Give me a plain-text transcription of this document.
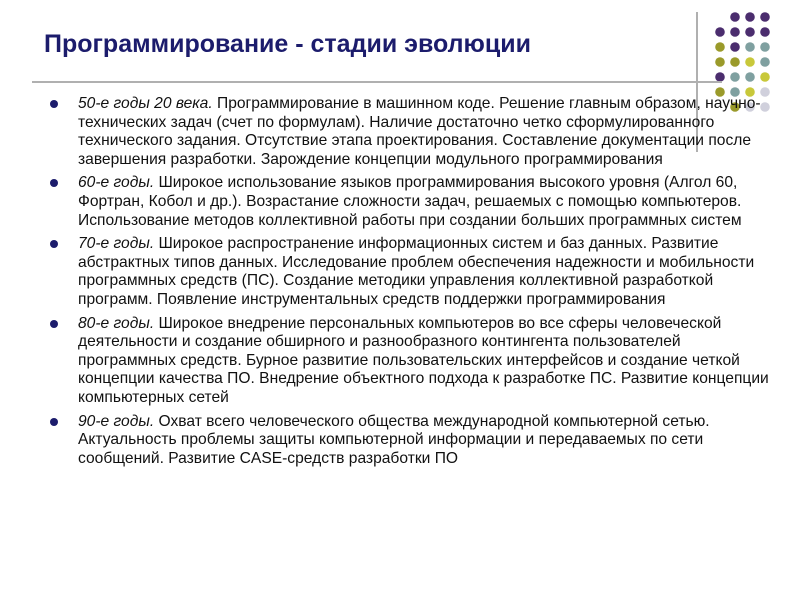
Программирование - стадии эволюции
50-е годы 20 века. Программирование в машинном коде. Решение главным образом, научно-технических задач (счет по формулам). Наличие достаточно четко сформулированного технического задания. Отсутствие этапа проектирования. Составление документации после завершения разработки. Зарождение концепции модульного программирования
60-е годы. Широкое использование языков программирования высокого уровня (Алгол 60, Фортран, Кобол и др.). Возрастание сложности задач, решаемых с помощью компьютеров. Использование методов коллективной работы при создании больших программных систем
70-е годы. Широкое распространение информационных систем и баз данных. Развитие абстрактных типов данных. Исследование проблем обеспечения надежности и мобильности программных средств (ПС). Создание методики управления коллективной разработкой программ. Появление инструментальных средств поддержки программирования
80-е годы. Широкое внедрение персональных компьютеров во все сферы человеческой деятельности и создание обширного и разнообразного контингента пользователей программных средств. Бурное развитие пользовательских интерфейсов и создание четкой концепции качества ПО. Внедрение объектного подхода к разработке ПС. Развитие концепции компьютерных сетей
90-е годы. Охват всего человеческого общества международной компьютерной сетью. Актуальность проблемы защиты компьютерной информации и передаваемых по сети сообщений. Развитие CASE-средств разработки ПО
